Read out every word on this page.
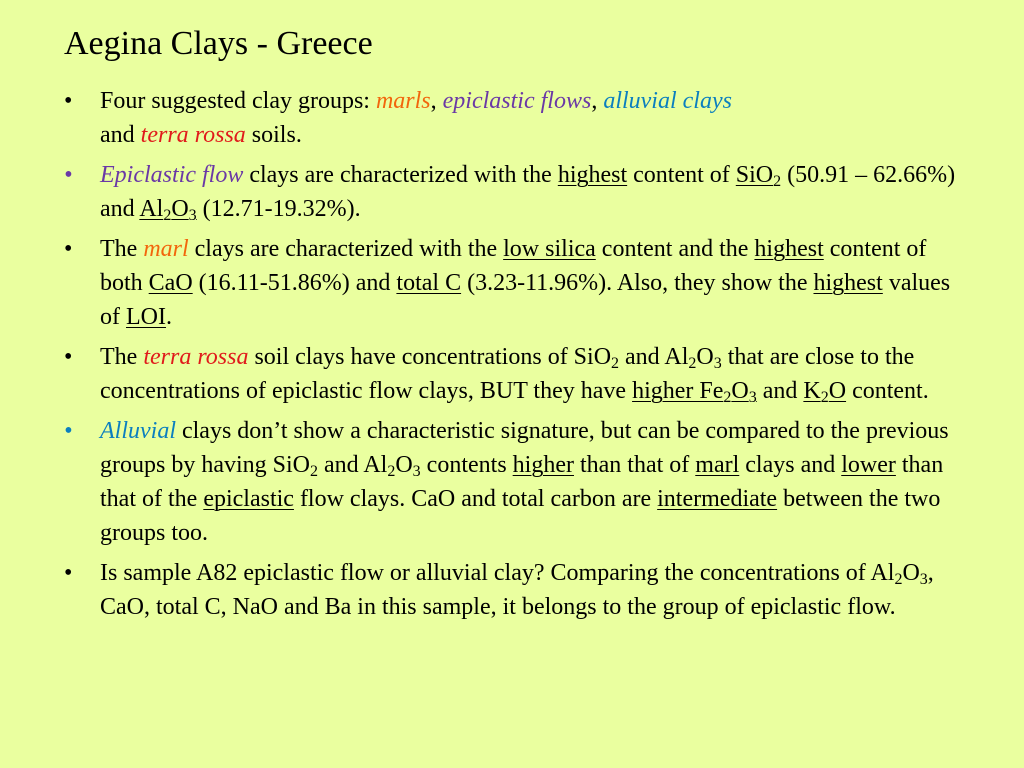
Aegina Clays - Greece
• Four suggested clay groups: marls, epiclastic flows, alluvial clays
and terra rossa soils.
• Epiclastic flow clays are characterized with the highest content of SiO$_2$ (50.91 – 62.66%) and $Al_2O_3$ (12.71-19.32%).
• The marl clays are characterized with the low silica content and the highest content of both CaO (16.11-51.86%) and total C (3.23-11.96%). Also, they show the highest values of LOI.
• The terra rossa soil clays have concentrations of SiO$_2$ and $Al_2O_3$ that are close to the concentrations of epiclastic flow clays, BUT they have higher $Fe_2O_3$ and $K_2O$ content.
• Alluvial clays don’t show a characteristic signature, but can be compared to the previous groups by having SiO$_2$ and $Al_2O_3$ contents higher than that of marl clays and lower than that of the epiclastic flow clays. CaO and total carbon are intermediate between the two groups too.
• Is sample A82 epiclastic flow or alluvial clay? Comparing the concentrations of $Al_2O_3$, CaO, total C, NaO and Ba in this sample, it belongs to the group of epiclastic flow.
